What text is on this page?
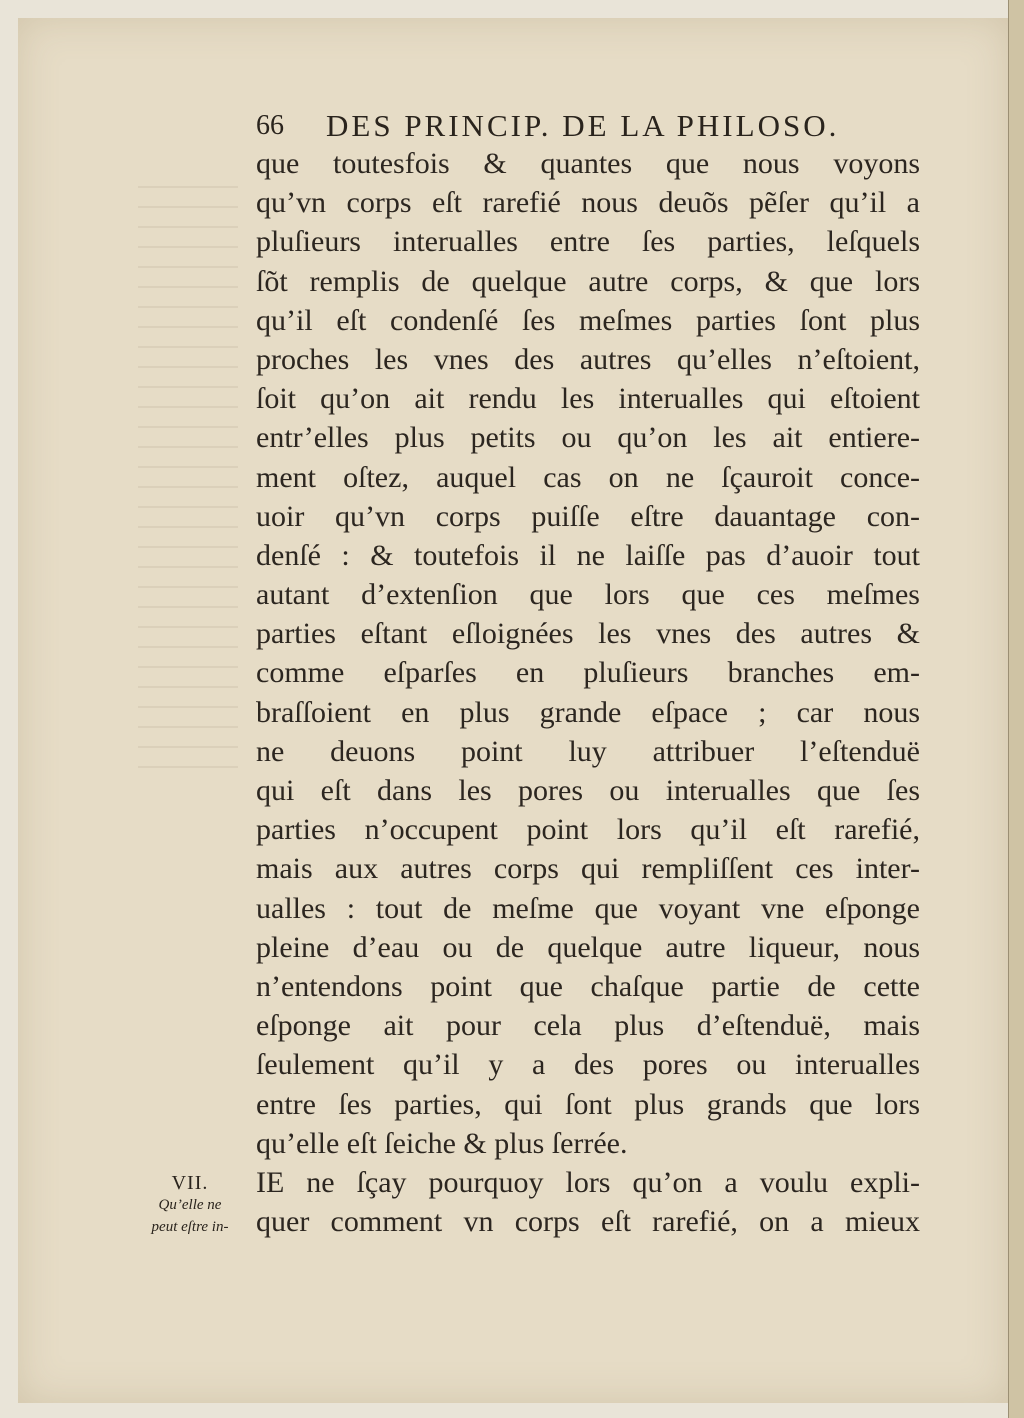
66 DES PRINCIP. DE LA PHILOSO.
que toutesfois & quantes que nous voyons
qu’vn corps eſt rarefié nous deuõs pẽſer qu’il a
pluſieurs interualles entre ſes parties, leſquels
ſõt remplis de quelque autre corps, & que lors
qu’il eſt condenſé ſes meſmes parties ſont plus
proches les vnes des autres qu’elles n’eſtoient,
ſoit qu’on ait rendu les interualles qui eſtoient
entr’elles plus petits ou qu’on les ait entiere-
ment oſtez, auquel cas on ne ſçauroit conce-
uoir qu’vn corps puiſſe eſtre dauantage con-
denſé : & toutefois il ne laiſſe pas d’auoir tout
autant d’extenſion que lors que ces meſmes
parties eſtant eſloignées les vnes des autres &
comme eſparſes en pluſieurs branches em-
braſſoient en plus grande eſpace ; car nous
ne deuons point luy attribuer l’eſtenduë
qui eſt dans les pores ou interualles que ſes
parties n’occupent point lors qu’il eſt rarefié,
mais aux autres corps qui rempliſſent ces inter-
ualles : tout de meſme que voyant vne eſponge
pleine d’eau ou de quelque autre liqueur, nous
n’entendons point que chaſque partie de cette
eſponge ait pour cela plus d’eſtenduë, mais
ſeulement qu’il y a des pores ou interualles
entre ſes parties, qui ſont plus grands que lors
qu’elle eſt ſeiche & plus ſerrée.
IE ne ſçay pourquoy lors qu’on a voulu expli-
quer comment vn corps eſt rarefié, on a mieux
VII.
Qu’elle ne
peut eſtre in-
